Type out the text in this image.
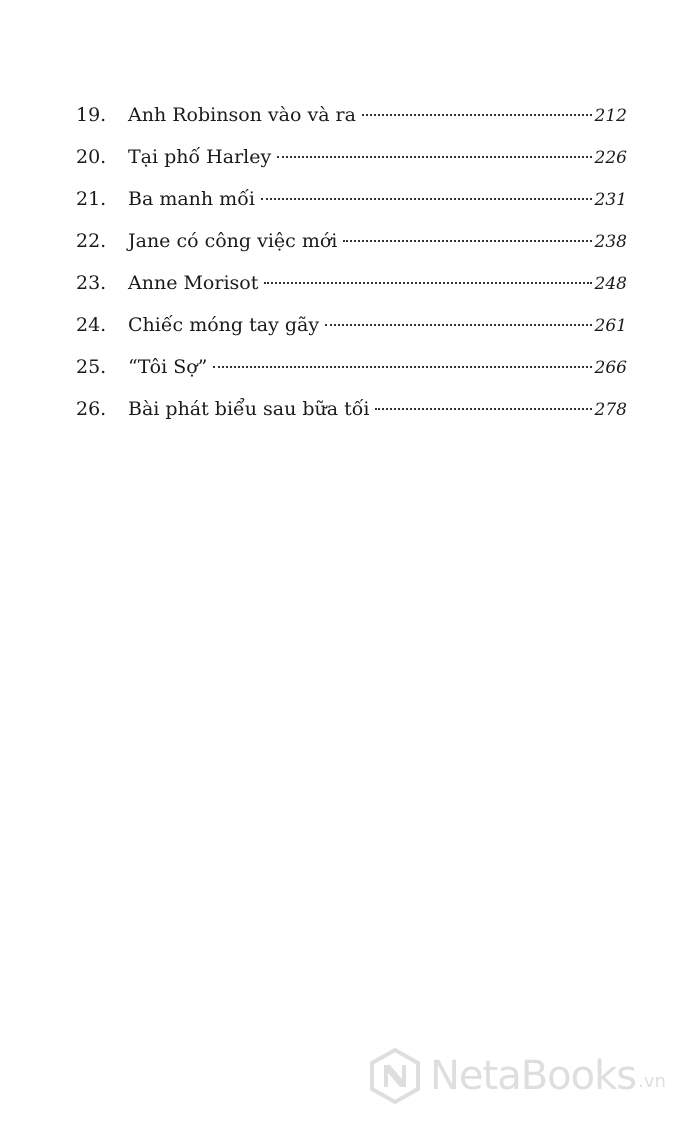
19.	Anh Robinson vào và ra	212
20.	Tại phố Harley	226
21.	Ba manh mối	231
22.	Jane có công việc mới	238
23.	Anne Morisot	248
24.	Chiếc móng tay gãy	261
25.	“Tôi Sợ”	266
26.	Bài phát biểu sau bữa tối	278
NetaBooks .vn
